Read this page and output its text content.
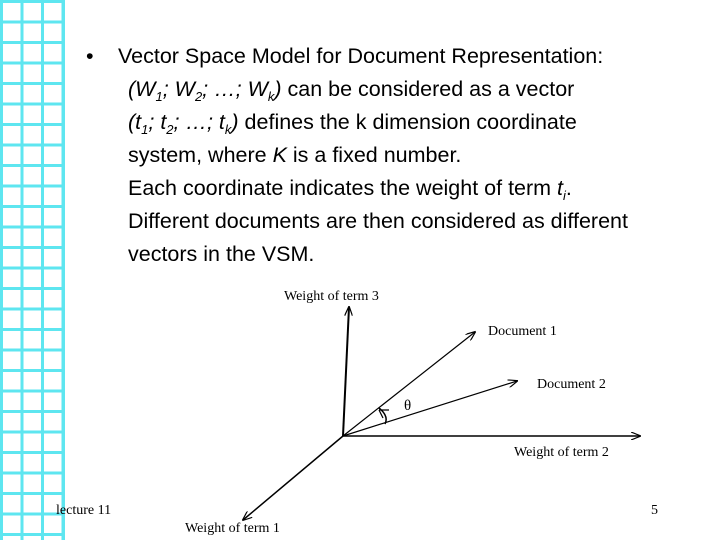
• Vector Space Model for Document Representation:
($W_1$; $W_2$; …; $W_k$) can be considered as a vector
($t_1$; $t_2$; …; $t_k$) defines the k dimension coordinate
system, where K is a fixed number.
Each coordinate indicates the weight of term $t_i$.
Different documents are then considered as different
vectors in the VSM.
Weight of term 3
Document 1
Document 2
θ
Weight of term 2
Weight of term 1
lecture 11	5
